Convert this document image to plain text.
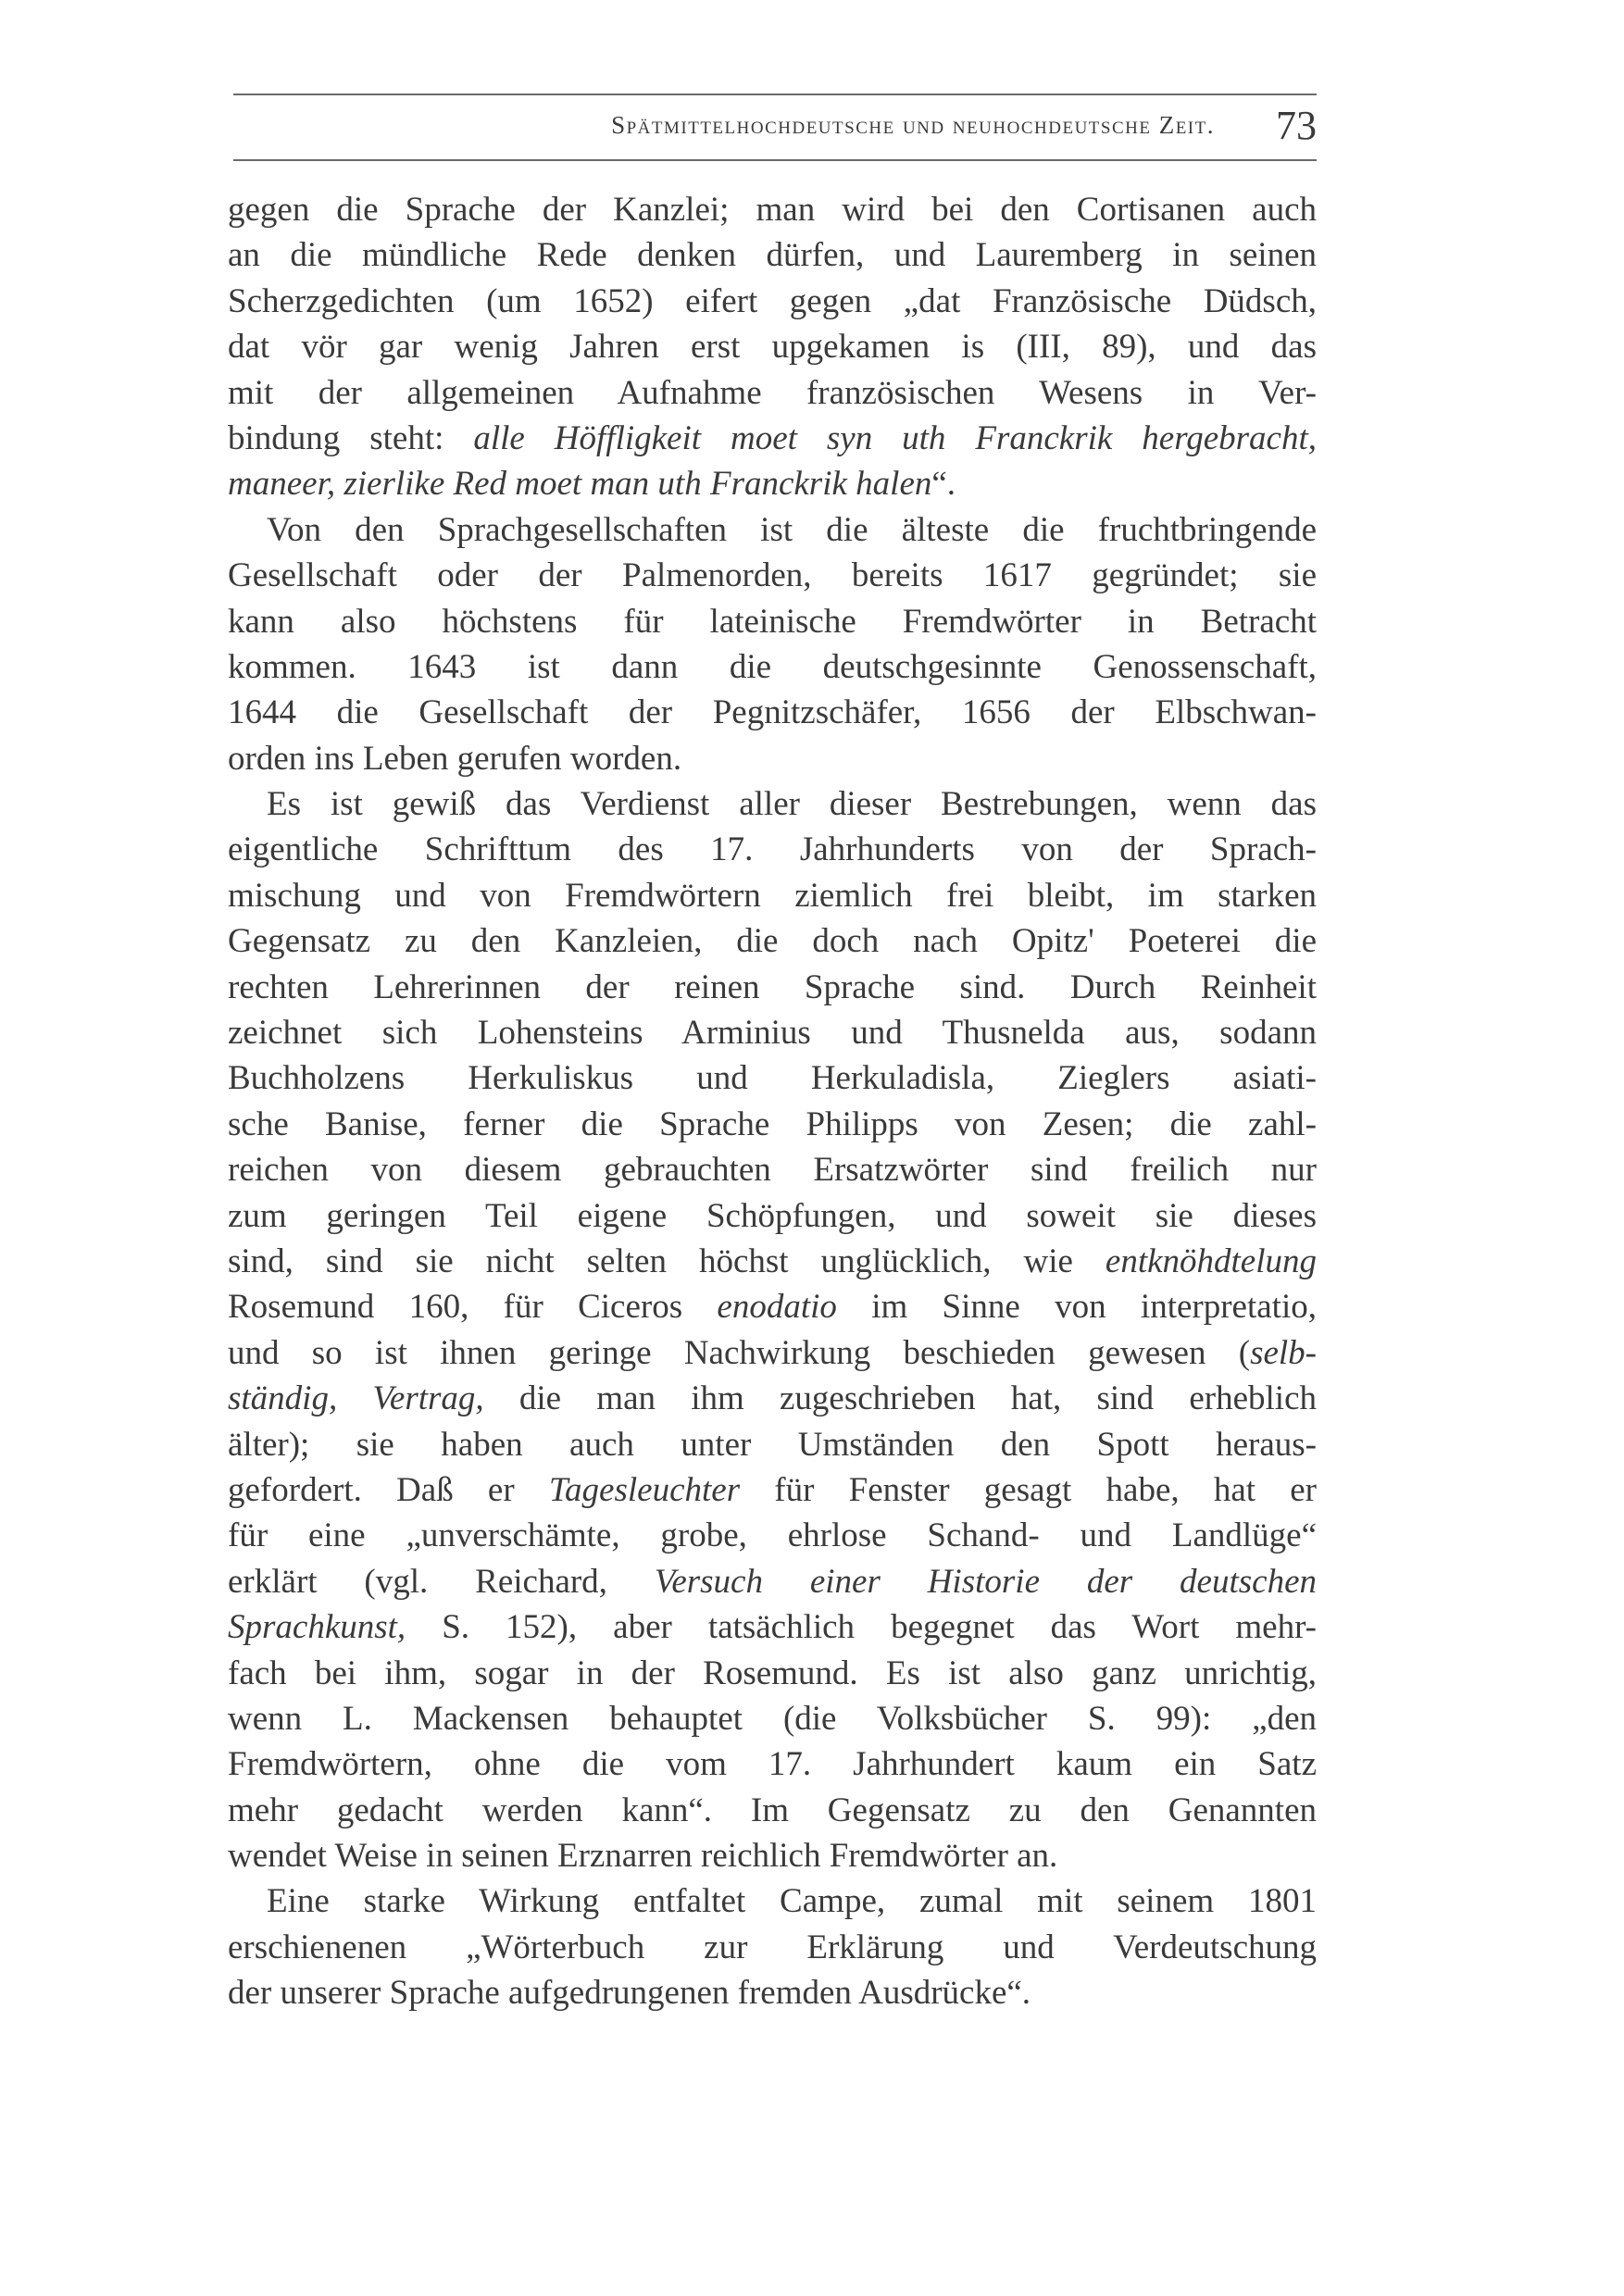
Spätmittelhochdeutsche und neuhochdeutsche Zeit. 73
gegen die Sprache der Kanzlei; man wird bei den Cortisanen auch
an die mündliche Rede denken dürfen, und Lauremberg in seinen
Scherzgedichten (um 1652) eifert gegen „dat Französische Düdsch,
dat vör gar wenig Jahren erst upgekamen is (III, 89), und das
mit der allgemeinen Aufnahme französischen Wesens in Ver-
bindung steht: alle Höffligkeit moet syn uth Franckrik hergebracht,
maneer, zierlike Red moet man uth Franckrik halen“.
Von den Sprachgesellschaften ist die älteste die fruchtbringende
Gesellschaft oder der Palmenorden, bereits 1617 gegründet; sie
kann also höchstens für lateinische Fremdwörter in Betracht
kommen. 1643 ist dann die deutschgesinnte Genossenschaft,
1644 die Gesellschaft der Pegnitzschäfer, 1656 der Elbschwan-
orden ins Leben gerufen worden.
Es ist gewiß das Verdienst aller dieser Bestrebungen, wenn das
eigentliche Schrifttum des 17. Jahrhunderts von der Sprach-
mischung und von Fremdwörtern ziemlich frei bleibt, im starken
Gegensatz zu den Kanzleien, die doch nach Opitz' Poeterei die
rechten Lehrerinnen der reinen Sprache sind. Durch Reinheit
zeichnet sich Lohensteins Arminius und Thusnelda aus, sodann
Buchholzens Herkuliskus und Herkuladisla, Zieglers asiati-
sche Banise, ferner die Sprache Philipps von Zesen; die zahl-
reichen von diesem gebrauchten Ersatzwörter sind freilich nur
zum geringen Teil eigene Schöpfungen, und soweit sie dieses
sind, sind sie nicht selten höchst unglücklich, wie entknöhdtelung
Rosemund 160, für Ciceros enodatio im Sinne von interpretatio,
und so ist ihnen geringe Nachwirkung beschieden gewesen (selb-
ständig, Vertrag, die man ihm zugeschrieben hat, sind erheblich
älter); sie haben auch unter Umständen den Spott heraus-
gefordert. Daß er Tagesleuchter für Fenster gesagt habe, hat er
für eine „unverschämte, grobe, ehrlose Schand- und Landlüge“
erklärt (vgl. Reichard, Versuch einer Historie der deutschen
Sprachkunst, S. 152), aber tatsächlich begegnet das Wort mehr-
fach bei ihm, sogar in der Rosemund. Es ist also ganz unrichtig,
wenn L. Mackensen behauptet (die Volksbücher S. 99): „den
Fremdwörtern, ohne die vom 17. Jahrhundert kaum ein Satz
mehr gedacht werden kann“. Im Gegensatz zu den Genannten
wendet Weise in seinen Erznarren reichlich Fremdwörter an.
Eine starke Wirkung entfaltet Campe, zumal mit seinem 1801
erschienenen „Wörterbuch zur Erklärung und Verdeutschung
der unserer Sprache aufgedrungenen fremden Ausdrücke“.
